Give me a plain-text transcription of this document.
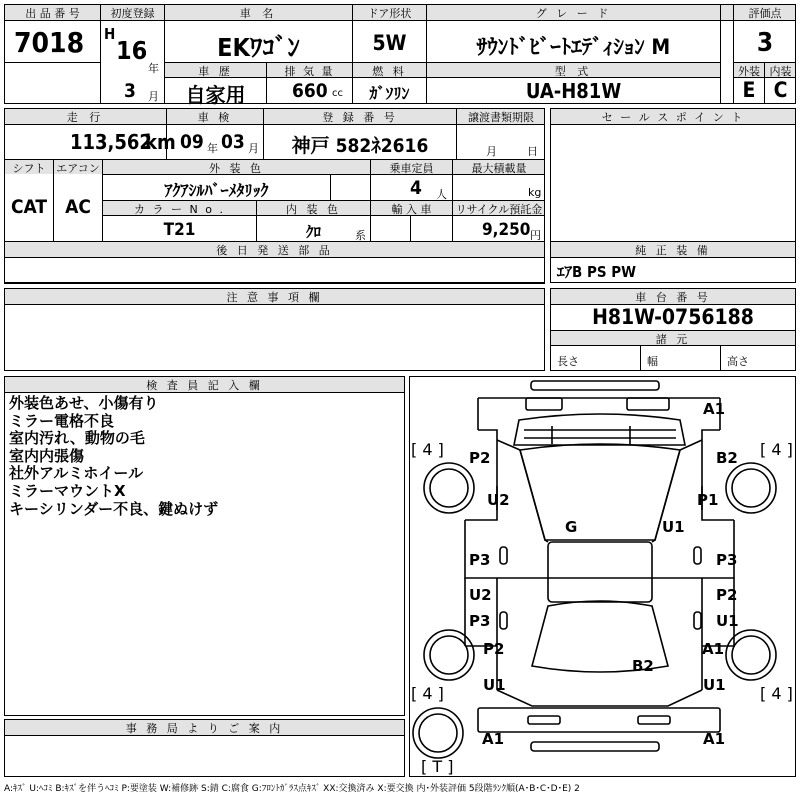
出 品 番 号
7018
初度登録
H
16
年
3 月
車 名
EKﾜｺﾞﾝ
ドア形状
5W
グ レ ー ド
ｻｳﾝﾄﾞﾋﾞｰﾄｴﾃﾞｨｼｮﾝ M
評価点
3
車 歴
自家用
排 気 量
660 cc
燃 料
ｶﾞｿﾘﾝ
型 式
UA-H81W
外装 内装
E C
走 行
113,562
km
車 検
09 年 03 月
登 録 番 号
神戸 582ﾈ2616
譲渡書類期限
月	日
シフト
CAT
エアコン
AC
外 装 色
ｱｸｱｼﾙﾊﾞｰﾒﾀﾘｯｸ
乗車定員
4 人
最大積載量
kg
カ ラ ー N o .
T21
内 装 色
ｸﾛ	系
輸 入 車	リサイクル預託金
9,250 円
後 日 発 送 部 品
注 意 事 項 欄
セ ー ル ス ポ イ ン ト
純 正 装 備
ｴｱB PS PW
車 台 番 号
H81W-0756188
諸 元
長さ	幅	高さ
検 査 員 記 入 欄
外装色あせ、小傷有り
ミラー電格不良
室内汚れ、動物の毛
室内内張傷
社外アルミホイール
ミラーマウントX
キーシリンダー不良、鍵ぬけず
事 務 局 よ り ご 案 内
[ 4 ]	[ 4 ]
[ 4 ]	[ 4 ]
[ T ]
A1
P2	B2
U2	P1
G	U1
P3	P3
U2	P2
P3	U1
P2	A1
B2
U1	U1
A1	A1
A:ｷｽﾞ U:ﾍｺﾐ B:ｷｽﾞを伴うﾍｺﾐ P:要塗装 W:補修跡 S:錆 C:腐食 G:ﾌﾛﾝﾄｶﾞﾗｽ点ｷｽﾞ XX:交換済み X:要交換 内･外装評価 5段階ﾗﾝｸ順(A･B･C･D･E) 2
